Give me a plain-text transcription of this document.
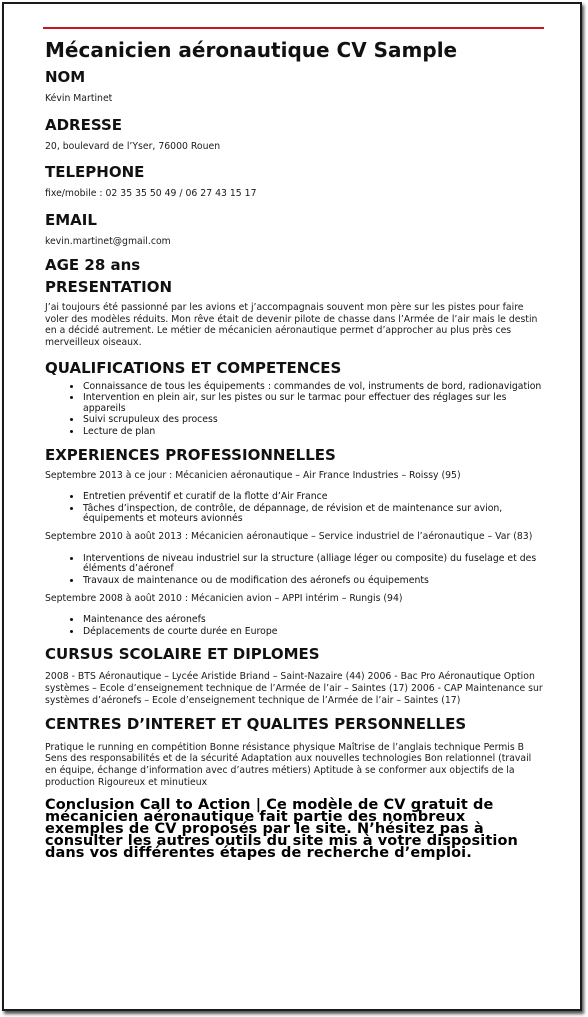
Mécanicien aéronautique CV Sample
NOM
Kévin Martinet
ADRESSE
20, boulevard de l’Yser, 76000 Rouen
TELEPHONE
fixe/mobile : 02 35 35 50 49 / 06 27 43 15 17
EMAIL
kevin.martinet@gmail.com
AGE 28 ans
PRESENTATION
J’ai toujours été passionné par les avions et j’accompagnais souvent mon père sur les pistes pour faire voler des modèles réduits. Mon rêve était de devenir pilote de chasse dans l’Armée de l’air mais le destin en a décidé autrement. Le métier de mécanicien aéronautique permet d’approcher au plus près ces merveilleux oiseaux.
QUALIFICATIONS ET COMPETENCES
• Connaissance de tous les équipements : commandes de vol, instruments de bord, radionavigation
• Intervention en plein air, sur les pistes ou sur le tarmac pour effectuer des réglages sur les appareils
• Suivi scrupuleux des process
• Lecture de plan
EXPERIENCES PROFESSIONNELLES
Septembre 2013 à ce jour : Mécanicien aéronautique – Air France Industries – Roissy (95)
• Entretien préventif et curatif de la flotte d’Air France
• Tâches d’inspection, de contrôle, de dépannage, de révision et de maintenance sur avion, équipements et moteurs avionnés
Septembre 2010 à août 2013 : Mécanicien aéronautique – Service industriel de l’aéronautique – Var (83)
• Interventions de niveau industriel sur la structure (alliage léger ou composite) du fuselage et des éléments d’aéronef
• Travaux de maintenance ou de modification des aéronefs ou équipements
Septembre 2008 à août 2010 : Mécanicien avion – APPI intérim – Rungis (94)
• Maintenance des aéronefs
• Déplacements de courte durée en Europe
CURSUS SCOLAIRE ET DIPLOMES
2008 - BTS Aéronautique – Lycée Aristide Briand – Saint-Nazaire (44) 2006 - Bac Pro Aéronautique Option systèmes – Ecole d’enseignement technique de l’Armée de l’air – Saintes (17) 2006 - CAP Maintenance sur systèmes d’aéronefs – Ecole d’enseignement technique de l’Armée de l’air – Saintes (17)
CENTRES D’INTERET ET QUALITES PERSONNELLES
Pratique le running en compétition Bonne résistance physique Maîtrise de l’anglais technique Permis B Sens des responsabilités et de la sécurité Adaptation aux nouvelles technologies Bon relationnel (travail en équipe, échange d’information avec d’autres métiers) Aptitude à se conformer aux objectifs de la production Rigoureux et minutieux
Conclusion Call to Action | Ce modèle de CV gratuit de mécanicien aéronautique fait partie des nombreux exemples de CV proposés par le site. N’hésitez pas à consulter les autres outils du site mis à votre disposition dans vos différentes étapes de recherche d’emploi.
